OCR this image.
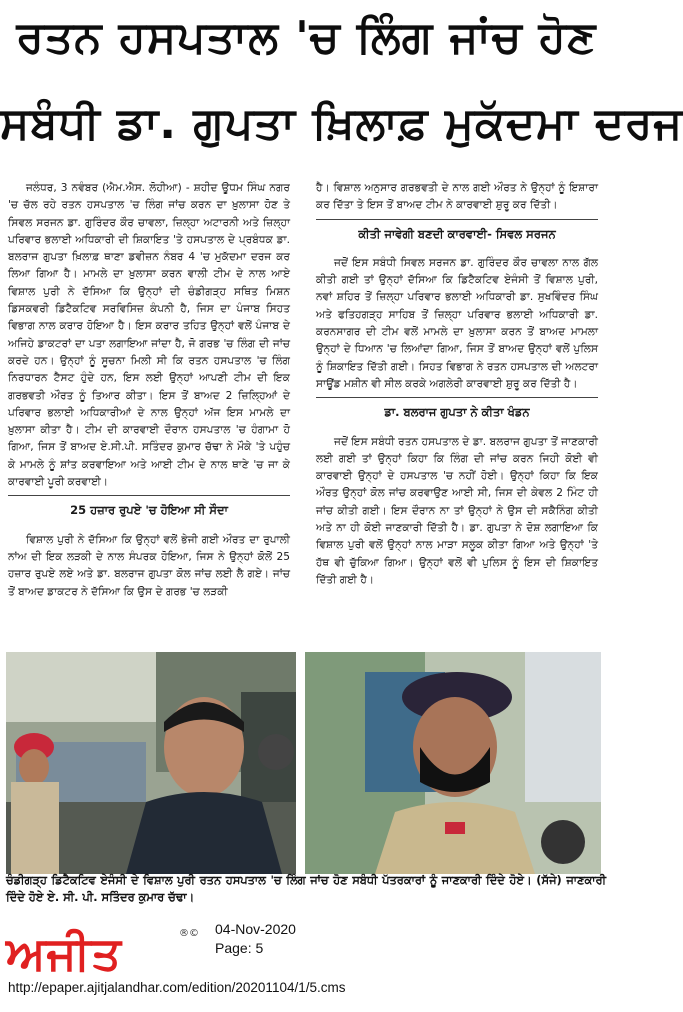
ਰਤਨ ਹਸਪਤਾਲ 'ਚ ਲਿੰਗ ਜਾਂਚ ਹੋਣ
ਸਬੰਧੀ ਡਾ. ਗੁਪਤਾ ਖ਼ਿਲਾਫ਼ ਮੁਕੱਦਮਾ ਦਰਜ

ਜਲੰਧਰ, 3 ਨਵੰਬਰ (ਐਮ.ਐਸ. ਲੋਹੀਆ) - ਸ਼ਹੀਦ ਊਧਮ ਸਿੰਘ ਨਗਰ 'ਚ ਚੱਲ ਰਹੇ ਰਤਨ ਹਸਪਤਾਲ 'ਚ ਲਿੰਗ ਜਾਂਚ ਕਰਨ ਦਾ ਖ਼ੁਲਾਸਾ ਹੋਣ ਤੇ ਸਿਵਲ ਸਰਜਨ ਡਾ. ਗੁਰਿੰਦਰ ਕੌਰ ਚਾਵਲਾ, ਜ਼ਿਲ੍ਹਾ ਅਟਾਰਨੀ ਅਤੇ ਜ਼ਿਲ੍ਹਾ ਪਰਿਵਾਰ ਭਲਾਈ ਅਧਿਕਾਰੀ ਦੀ ਸ਼ਿਕਾਇਤ 'ਤੇ ਹਸਪਤਾਲ ਦੇ ਪ੍ਰਬੰਧਕ ਡਾ. ਬਲਰਾਜ ਗੁਪਤਾ ਖ਼ਿਲਾਫ਼ ਥਾਣਾ ਡਵੀਜ਼ਨ ਨੰਬਰ 4 'ਚ ਮੁਕੱਦਮਾ ਦਰਜ ਕਰ ਲਿਆ ਗਿਆ ਹੈ। ਮਾਮਲੇ ਦਾ ਖ਼ੁਲਾਸਾ ਕਰਨ ਵਾਲੀ ਟੀਮ ਦੇ ਨਾਲ ਆਏ ਵਿਸ਼ਾਲ ਪੁਰੀ ਨੇ ਦੱਸਿਆ ਕਿ ਉਨ੍ਹਾਂ ਦੀ ਚੰਡੀਗੜ੍ਹ ਸਥਿਤ ਮਿਸ਼ਨ ਡਿਸਕਵਰੀ ਡਿਟੈਕਟਿਵ ਸਰਵਿਸਿਜ਼ ਕੰਪਨੀ ਹੈ, ਜਿਸ ਦਾ ਪੰਜਾਬ ਸਿਹਤ ਵਿਭਾਗ ਨਾਲ ਕਰਾਰ ਹੋਇਆ ਹੈ। ਇਸ ਕਰਾਰ ਤਹਿਤ ਉਨ੍ਹਾਂ ਵਲੋਂ ਪੰਜਾਬ ਦੇ ਅਜਿਹੇ ਡਾਕਟਰਾਂ ਦਾ ਪਤਾ ਲਗਾਇਆ ਜਾਂਦਾ ਹੈ, ਜੋ ਗਰਭ 'ਚ ਲਿੰਗ ਦੀ ਜਾਂਚ ਕਰਦੇ ਹਨ। ਉਨ੍ਹਾਂ ਨੂੰ ਸੂਚਨਾ ਮਿਲੀ ਸੀ ਕਿ ਰਤਨ ਹਸਪਤਾਲ 'ਚ ਲਿੰਗ ਨਿਰਧਾਰਨ ਟੈਸਟ ਹੁੰਦੇ ਹਨ, ਇਸ ਲਈ ਉਨ੍ਹਾਂ ਆਪਣੀ ਟੀਮ ਦੀ ਇਕ ਗਰਭਵਤੀ ਔਰਤ ਨੂੰ ਤਿਆਰ ਕੀਤਾ। ਇਸ ਤੋਂ ਬਾਅਦ 2 ਜ਼ਿਲ੍ਹਿਆਂ ਦੇ ਪਰਿਵਾਰ ਭਲਾਈ ਅਧਿਕਾਰੀਆਂ ਦੇ ਨਾਲ ਉਨ੍ਹਾਂ ਅੱਜ ਇਸ ਮਾਮਲੇ ਦਾ ਖ਼ੁਲਾਸਾ ਕੀਤਾ ਹੈ। ਟੀਮ ਦੀ ਕਾਰਵਾਈ ਦੌਰਾਨ ਹਸਪਤਾਲ 'ਚ ਹੰਗਾਮਾ ਹੋ ਗਿਆ, ਜਿਸ ਤੋਂ ਬਾਅਦ ਏ.ਸੀ.ਪੀ. ਸਤਿੰਦਰ ਕੁਮਾਰ ਚੱਢਾ ਨੇ ਮੌਕੇ 'ਤੇ ਪਹੁੰਚ ਕੇ ਮਾਮਲੇ ਨੂੰ ਸ਼ਾਂਤ ਕਰਵਾਇਆ ਅਤੇ ਆਈ ਟੀਮ ਦੇ ਨਾਲ ਥਾਣੇ 'ਚ ਜਾ ਕੇ ਕਾਰਵਾਈ ਪੂਰੀ ਕਰਵਾਈ।

25 ਹਜ਼ਾਰ ਰੁਪਏ 'ਚ ਹੋਇਆ ਸੀ ਸੌਦਾ

ਵਿਸ਼ਾਲ ਪੁਰੀ ਨੇ ਦੱਸਿਆ ਕਿ ਉਨ੍ਹਾਂ ਵਲੋਂ ਭੇਜੀ ਗਈ ਔਰਤ ਦਾ ਰੁਪਾਲੀ ਨਾਂਅ ਦੀ ਇਕ ਲੜਕੀ ਦੇ ਨਾਲ ਸੰਪਰਕ ਹੋਇਆ, ਜਿਸ ਨੇ ਉਨ੍ਹਾਂ ਕੋਲੋਂ 25 ਹਜ਼ਾਰ ਰੁਪਏ ਲਏ ਅਤੇ ਡਾ. ਬਲਰਾਜ ਗੁਪਤਾ ਕੋਲ ਜਾਂਚ ਲਈ ਲੈ ਗਏ। ਜਾਂਚ ਤੋਂ ਬਾਅਦ ਡਾਕਟਰ ਨੇ ਦੱਸਿਆ ਕਿ ਉਸ ਦੇ ਗਰਭ 'ਚ ਲੜਕੀ

ਹੈ। ਵਿਸ਼ਾਲ ਅਨੁਸਾਰ ਗਰਭਵਤੀ ਦੇ ਨਾਲ ਗਈ ਔਰਤ ਨੇ ਉਨ੍ਹਾਂ ਨੂੰ ਇਸ਼ਾਰਾ ਕਰ ਦਿੱਤਾ ਤੇ ਇਸ ਤੋਂ ਬਾਅਦ ਟੀਮ ਨੇ ਕਾਰਵਾਈ ਸ਼ੁਰੂ ਕਰ ਦਿੱਤੀ।

ਕੀਤੀ ਜਾਵੇਗੀ ਬਣਦੀ ਕਾਰਵਾਈ- ਸਿਵਲ ਸਰਜਨ

ਜਦੋਂ ਇਸ ਸਬੰਧੀ ਸਿਵਲ ਸਰਜਨ ਡਾ. ਗੁਰਿੰਦਰ ਕੌਰ ਚਾਵਲਾ ਨਾਲ ਗੱਲ ਕੀਤੀ ਗਈ ਤਾਂ ਉਨ੍ਹਾਂ ਦੱਸਿਆ ਕਿ ਡਿਟੈਕਟਿਵ ਏਜੰਸੀ ਤੋਂ ਵਿਸ਼ਾਲ ਪੁਰੀ, ਨਵਾਂ ਸ਼ਹਿਰ ਤੋਂ ਜ਼ਿਲ੍ਹਾ ਪਰਿਵਾਰ ਭਲਾਈ ਅਧਿਕਾਰੀ ਡਾ. ਸੁਖਵਿੰਦਰ ਸਿੰਘ ਅਤੇ ਫਤਿਹਗੜ੍ਹ ਸਾਹਿਬ ਤੋਂ ਜ਼ਿਲ੍ਹਾ ਪਰਿਵਾਰ ਭਲਾਈ ਅਧਿਕਾਰੀ ਡਾ. ਕਰਨਸਾਗਰ ਦੀ ਟੀਮ ਵਲੋਂ ਮਾਮਲੇ ਦਾ ਖ਼ੁਲਾਸਾ ਕਰਨ ਤੋਂ ਬਾਅਦ ਮਾਮਲਾ ਉਨ੍ਹਾਂ ਦੇ ਧਿਆਨ 'ਚ ਲਿਆਂਦਾ ਗਿਆ, ਜਿਸ ਤੋਂ ਬਾਅਦ ਉਨ੍ਹਾਂ ਵਲੋਂ ਪੁਲਿਸ ਨੂੰ ਸ਼ਿਕਾਇਤ ਦਿੱਤੀ ਗਈ। ਸਿਹਤ ਵਿਭਾਗ ਨੇ ਰਤਨ ਹਸਪਤਾਲ ਦੀ ਅਲਟਰਾ ਸਾਊਂਡ ਮਸ਼ੀਨ ਵੀ ਸੀਲ ਕਰਕੇ ਅਗਲੇਰੀ ਕਾਰਵਾਈ ਸ਼ੁਰੂ ਕਰ ਦਿੱਤੀ ਹੈ।

ਡਾ. ਬਲਰਾਜ ਗੁਪਤਾ ਨੇ ਕੀਤਾ ਖੰਡਨ

ਜਦੋਂ ਇਸ ਸਬੰਧੀ ਰਤਨ ਹਸਪਤਾਲ ਦੇ ਡਾ. ਬਲਰਾਜ ਗੁਪਤਾ ਤੋਂ ਜਾਣਕਾਰੀ ਲਈ ਗਈ ਤਾਂ ਉਨ੍ਹਾਂ ਕਿਹਾ ਕਿ ਲਿੰਗ ਦੀ ਜਾਂਚ ਕਰਨ ਜਿਹੀ ਕੋਈ ਵੀ ਕਾਰਵਾਈ ਉਨ੍ਹਾਂ ਦੇ ਹਸਪਤਾਲ 'ਚ ਨਹੀਂ ਹੋਈ। ਉਨ੍ਹਾਂ ਕਿਹਾ ਕਿ ਇਕ ਔਰਤ ਉਨ੍ਹਾਂ ਕੋਲ ਜਾਂਚ ਕਰਵਾਉਣ ਆਈ ਸੀ, ਜਿਸ ਦੀ ਕੇਵਲ 2 ਮਿੰਟ ਹੀ ਜਾਂਚ ਕੀਤੀ ਗਈ। ਇਸ ਦੌਰਾਨ ਨਾ ਤਾਂ ਉਨ੍ਹਾਂ ਨੇ ਉਸ ਦੀ ਸਕੈਨਿੰਗ ਕੀਤੀ ਅਤੇ ਨਾ ਹੀ ਕੋਈ ਜਾਣਕਾਰੀ ਦਿੱਤੀ ਹੈ। ਡਾ. ਗੁਪਤਾ ਨੇ ਦੋਸ਼ ਲਗਾਇਆ ਕਿ ਵਿਸ਼ਾਲ ਪੁਰੀ ਵਲੋਂ ਉਨ੍ਹਾਂ ਨਾਲ ਮਾੜਾ ਸਲੂਕ ਕੀਤਾ ਗਿਆ ਅਤੇ ਉਨ੍ਹਾਂ 'ਤੇ ਹੱਥ ਵੀ ਚੁੱਕਿਆ ਗਿਆ। ਉਨ੍ਹਾਂ ਵਲੋਂ ਵੀ ਪੁਲਿਸ ਨੂੰ ਇਸ ਦੀ ਸ਼ਿਕਾਇਤ ਦਿੱਤੀ ਗਈ ਹੈ।

ਚੰਡੀਗੜ੍ਹ ਡਿਟੈਕਟਿਵ ਏਜੰਸੀ ਦੇ ਵਿਸ਼ਾਲ ਪੁਰੀ ਰਤਨ ਹਸਪਤਾਲ 'ਚ ਲਿੰਗ ਜਾਂਚ ਹੋਣ ਸਬੰਧੀ ਪੱਤਰਕਾਰਾਂ ਨੂੰ ਜਾਣਕਾਰੀ ਦਿੰਦੇ ਹੋਏ। (ਸੱਜੇ) ਜਾਣਕਾਰੀ ਦਿੰਦੇ ਹੋਏ ਏ. ਸੀ. ਪੀ. ਸਤਿੰਦਰ ਕੁਮਾਰ ਚੱਢਾ।
ਅਜੀਤ	®© 04-Nov-2020
Page: 5
http://epaper.ajitjalandhar.com/edition/20201104/1/5.cms
